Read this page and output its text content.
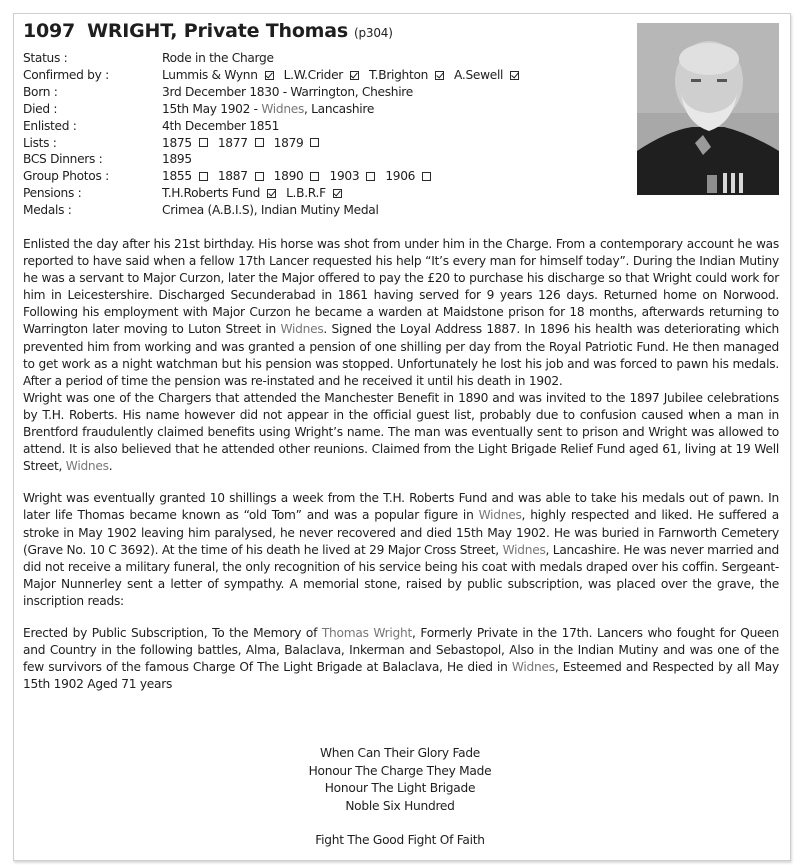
1097 WRIGHT, Private Thomas (p304)
Status :	Rode in the Charge
Confirmed by :	Lummis & Wynn L.W.Crider T.Brighton A.Sewell
Born :	3rd December 1830 - Warrington, Cheshire
Died :	15th May 1902 - Widnes , Lancashire
Enlisted :	4th December 1851
Lists :	1875 1877 1879
BCS Dinners :	1895
Group Photos :	1855 1887 1890 1903 1906
Pensions :	T.H.Roberts Fund L.B.R.F
Medals :	Crimea (A.B.I.S), Indian Mutiny Medal

Enlisted the day after his 21st birthday. His horse was shot from under him in the Charge. From a contemporary account he was reported to have said when a fellow 17th Lancer requested his help “It’s every man for himself today”. During the Indian Mutiny he was a servant to Major Curzon, later the Major offered to pay the £20 to purchase his discharge so that Wright could work for him in Leicestershire. Discharged Secunderabad in 1861 having served for 9 years 126 days. Returned home on Norwood. Following his employment with Major Curzon he became a warden at Maidstone prison for 18 months, afterwards returning to Warrington later moving to Luton Street in Widnes. Signed the Loyal Address 1887. In 1896 his health was deteriorating which prevented him from working and was granted a pension of one shilling per day from the Royal Patriotic Fund. He then managed to get work as a night watchman but his pension was stopped. Unfortunately he lost his job and was forced to pawn his medals. After a period of time the pension was re-instated and he received it until his death in 1902.

Wright was one of the Chargers that attended the Manchester Benefit in 1890 and was invited to the 1897 Jubilee celebrations by T.H. Roberts. His name however did not appear in the official guest list, probably due to confusion caused when a man in Brentford fraudulently claimed benefits using Wright’s name. The man was eventually sent to prison and Wright was allowed to attend. It is also believed that he attended other reunions. Claimed from the Light Brigade Relief Fund aged 61, living at 19 Well Street, Widnes.

Wright was eventually granted 10 shillings a week from the T.H. Roberts Fund and was able to take his medals out of pawn. In later life Thomas became known as “old Tom” and was a popular figure in Widnes, highly respected and liked. He suffered a stroke in May 1902 leaving him paralysed, he never recovered and died 15th May 1902. He was buried in Farnworth Cemetery (Grave No. 10 C 3692). At the time of his death he lived at 29 Major Cross Street, Widnes, Lancashire. He was never married and did not receive a military funeral, the only recognition of his service being his coat with medals draped over his coffin. Sergeant-Major Nunnerley sent a letter of sympathy. A memorial stone, raised by public subscription, was placed over the grave, the inscription reads:

Erected by Public Subscription, To the Memory of Thomas Wright, Formerly Private in the 17th. Lancers who fought for Queen and Country in the following battles, Alma, Balaclava, Inkerman and Sebastopol, Also in the Indian Mutiny and was one of the few survivors of the famous Charge Of The Light Brigade at Balaclava, He died in Widnes, Esteemed and Respected by all May 15th 1902 Aged 71 years

When Can Their Glory Fade
Honour The Charge They Made
Honour The Light Brigade
Noble Six Hundred
Fight The Good Fight Of Faith
